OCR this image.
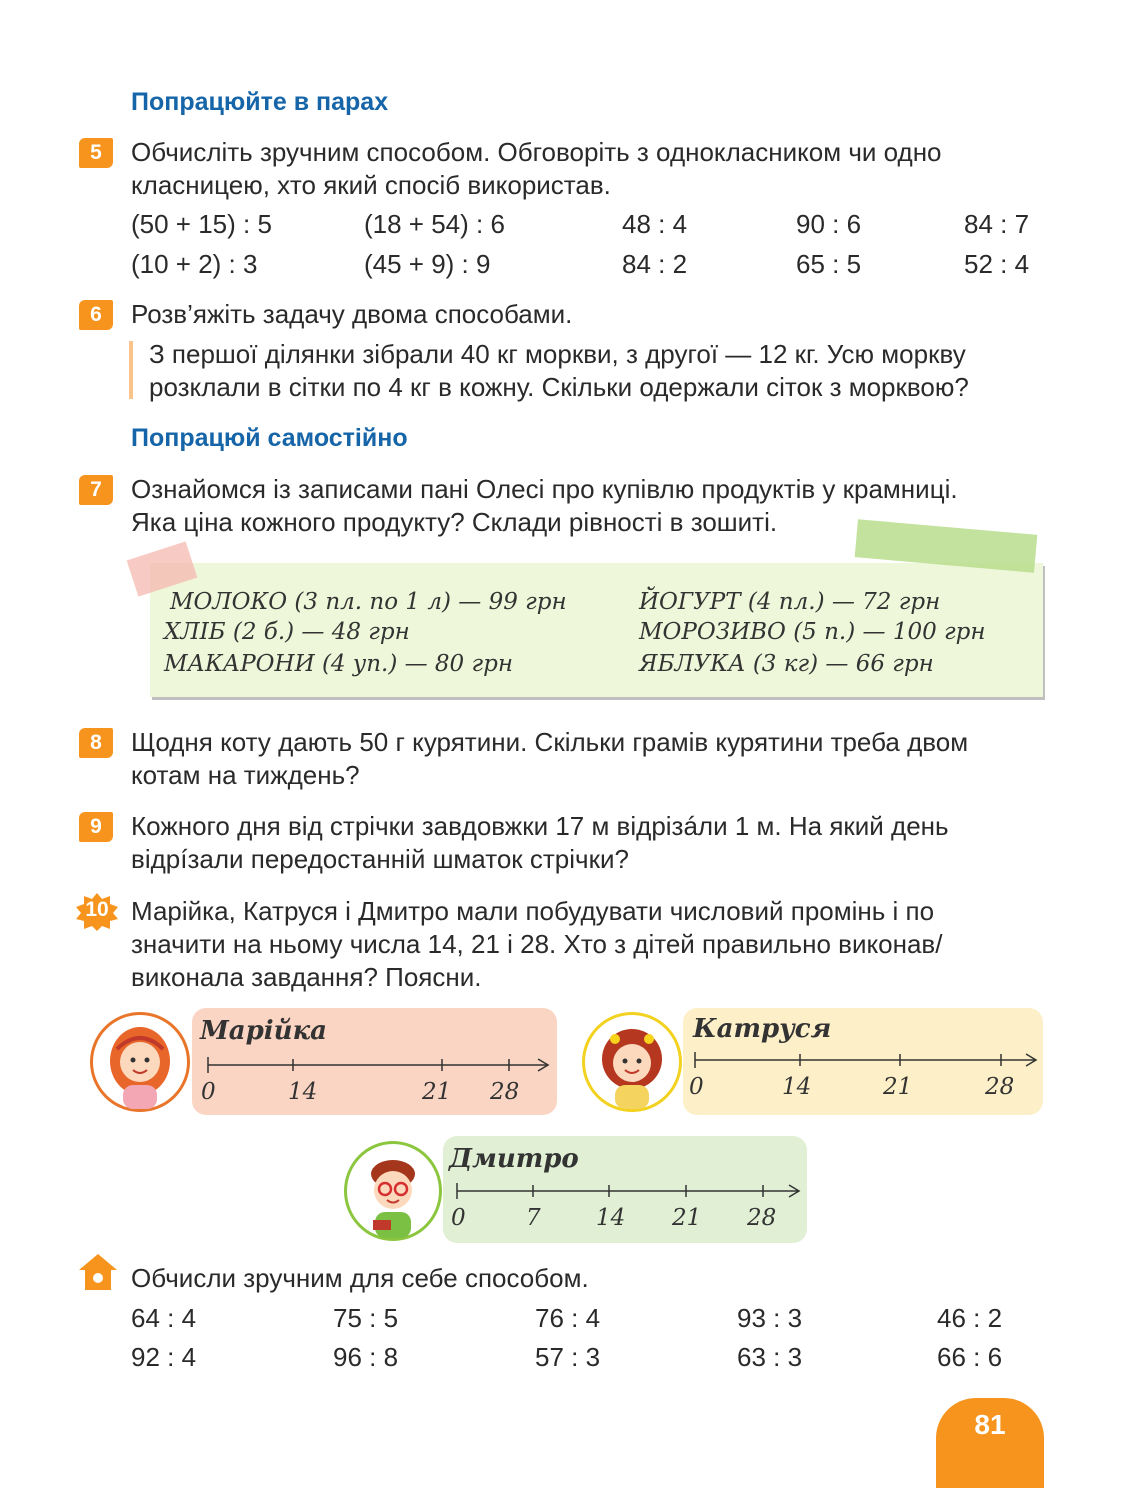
Попрацюйте в парах
5	Обчисліть зручним способом. Обговоріть з однокласником чи одно
класницею, хто який спосіб використав.
(50 + 15) : 5	(18 + 54) : 6	48 : 4	90 : 6	84 : 7
(10 + 2) : 3	(45 + 9) : 9	84 : 2	65 : 5	52 : 4
6	Розв’яжіть задачу двома способами.
З першої ділянки зібрали 40 кг моркви, з другої — 12 кг. Усю моркву
розклали в сітки по 4 кг в кожну. Скільки одержали сіток з морквою?
Попрацюй самостійно
7	Ознайомся із записами пані Олесі про купівлю продуктів у крамниці.
Яка ціна кожного продукту? Склади рівності в зошиті.
МОЛОКО (3 пл. по 1 л) — 99 грн
ХЛІБ (2 б.) — 48 грн
МАКАРОНИ (4 уп.) — 80 грн
ЙОГУРТ (4 пл.) — 72 грн
МОРОЗИВО (5 п.) — 100 грн
ЯБЛУКА (3 кг) — 66 грн
8	Щодня коту дають 50 г курятини. Скільки грамів курятини треба двом
котам на тиждень?
9	Кожного дня від стрічки завдовжки 17 м відрізáли 1 м. На який день
відрíзали передостанній шматок стрічки?
10 Марійка, Катруся і Дмитро мали побудувати числовий промінь і по
значити на ньому числа 14, 21 і 28. Хто з дітей правильно виконав/
виконала завдання? Поясни.
Марійка
0	14	21 28
Катруся
0	14	21	28
Дмитро
0	7 14 21 28
Обчисли зручним для себе способом.
64 : 4	75 : 5	76 : 4	93 : 3	46 : 2
92 : 4	96 : 8	57 : 3	63 : 3	66 : 6
81
